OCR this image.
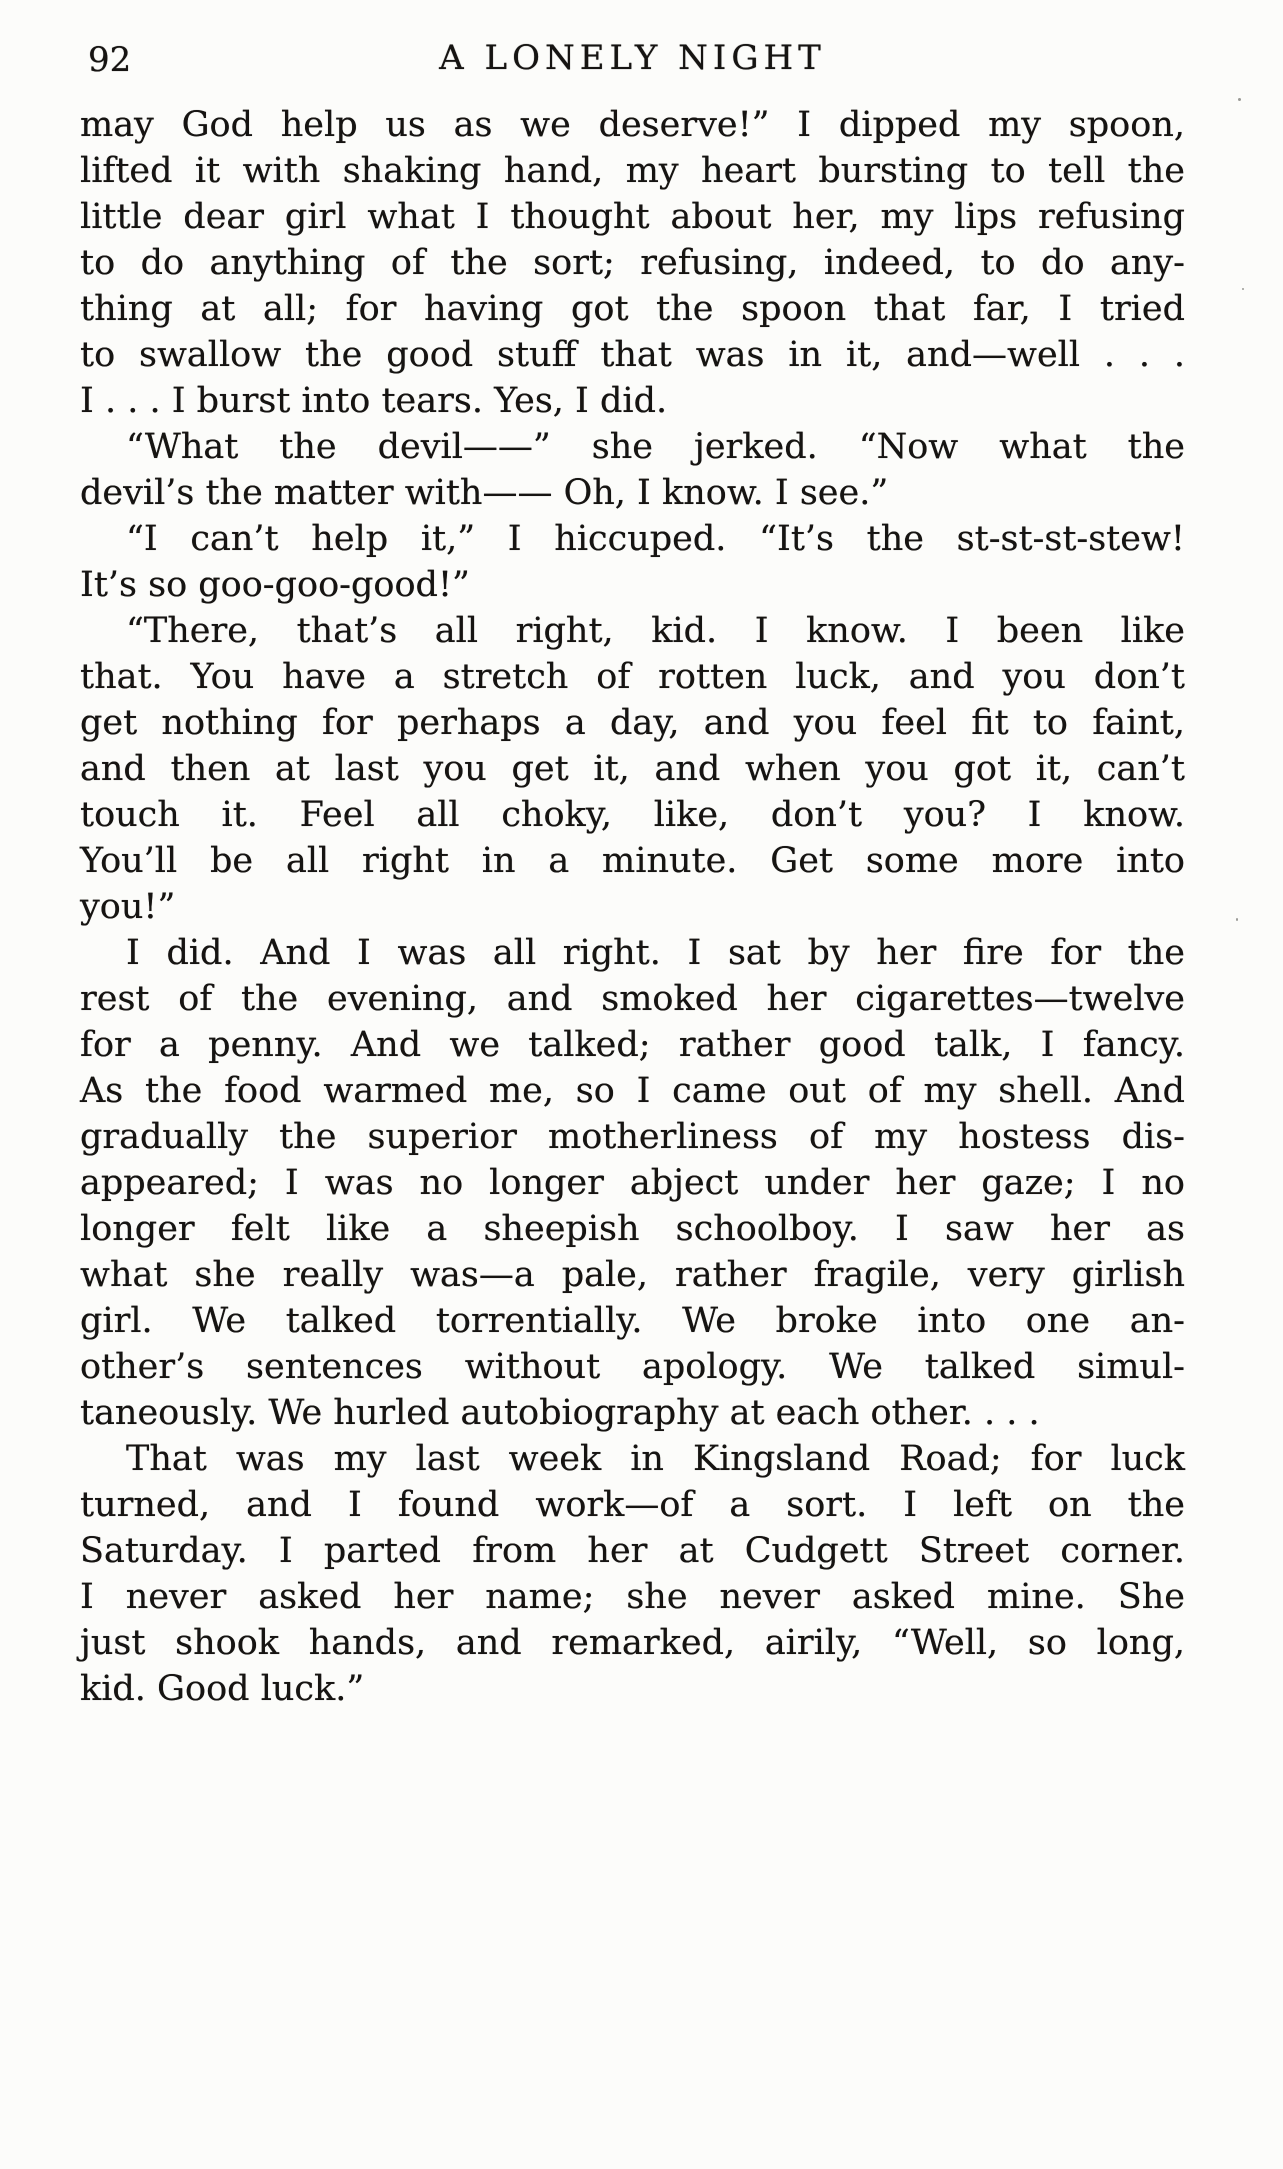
92	A LONELY NIGHT
may God help us as we deserve!” I dipped my spoon,
lifted it with shaking hand, my heart bursting to tell the
little dear girl what I thought about her, my lips refusing
to do anything of the sort; refusing, indeed, to do any-
thing at all; for having got the spoon that far, I tried
to swallow the good stuff that was in it, and—well . . .
I . . . I burst into tears. Yes, I did.
“What the devil——” she jerked. “Now what the
devil’s the matter with—— Oh, I know. I see.”
“I can’t help it,” I hiccuped. “It’s the st-st-st-stew!
It’s so goo-goo-good!”
“There, that’s all right, kid. I know. I been like
that. You have a stretch of rotten luck, and you don’t
get nothing for perhaps a day, and you feel fit to faint,
and then at last you get it, and when you got it, can’t
touch it. Feel all choky, like, don’t you? I know.
You’ll be all right in a minute. Get some more into
you!”
I did. And I was all right. I sat by her fire for the
rest of the evening, and smoked her cigarettes—twelve
for a penny. And we talked; rather good talk, I fancy.
As the food warmed me, so I came out of my shell. And
gradually the superior motherliness of my hostess dis-
appeared; I was no longer abject under her gaze; I no
longer felt like a sheepish schoolboy. I saw her as
what she really was—a pale, rather fragile, very girlish
girl. We talked torrentially. We broke into one an-
other’s sentences without apology. We talked simul-
taneously. We hurled autobiography at each other. . . .
That was my last week in Kingsland Road; for luck
turned, and I found work—of a sort. I left on the
Saturday. I parted from her at Cudgett Street corner.
I never asked her name; she never asked mine. She
just shook hands, and remarked, airily, “Well, so long,
kid. Good luck.”
